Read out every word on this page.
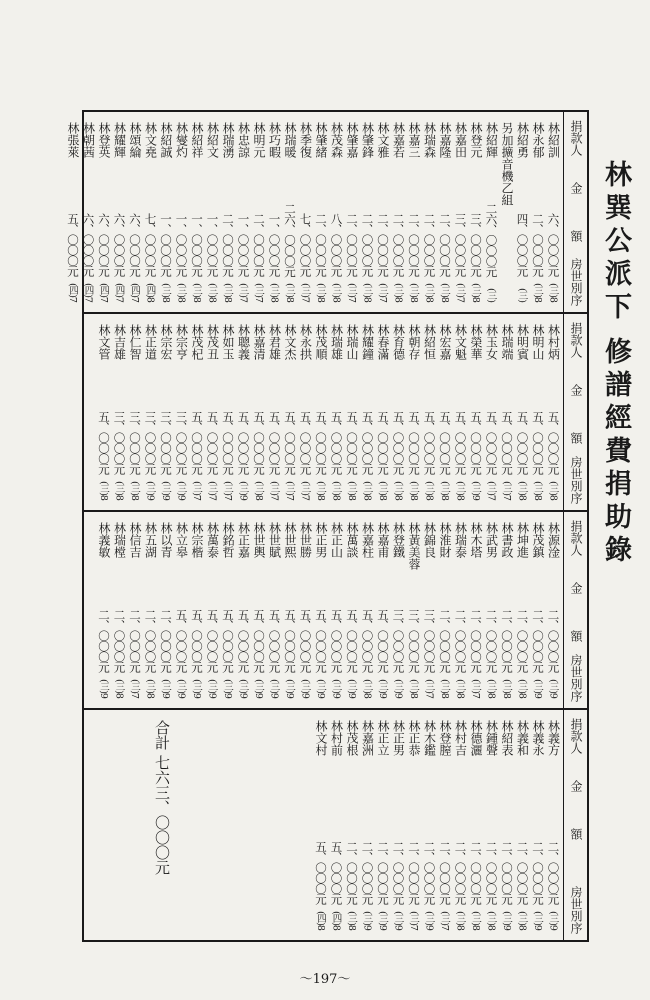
林巽公派下修譜經費捐助錄
捐款人
金
額
房世別序
林紹訓
六、〇〇〇元
(三)8
林永郁
二、〇〇〇元
(三)8
林紹勇
四、〇〇〇元
(三)
另加擴音機乙組
林紹輝
二六、〇〇〇元
(三)
林登元
三、〇〇〇元
(三)8
林嘉田
三、〇〇〇元
(三)7
林嘉隆
二、〇〇〇元
(三)8
林瑞森
二、〇〇〇元
(三)8
林嘉三
二、〇〇〇元
(三)8
林嘉若
二、〇〇〇元
(三)8
林文雅
二、〇〇〇元
(三)7
林肇鋒
二、〇〇〇元
(三)8
林肇嘉
二、〇〇〇元
(三)7
林茂森
八、〇〇〇元
(三)8
林肇緒
二、〇〇〇元
(三)8
林季復
七、〇〇〇元
(三)7
林瑞暖
二六、〇〇〇元
(三)8
林巧暇
一、〇〇〇元
(三)8
林明元
二、〇〇〇元
(三)7
林忠諒
一、〇〇〇元
(三)7
林瑞湧
二、〇〇〇元
(三)8
林紹文
一、〇〇〇元
(三)8
林紹祥
一、〇〇〇元
(三)8
林燮灼
一、〇〇〇元
(三)8
林紹誠
一、〇〇〇元
(三)8
林文堯
七、〇〇〇元
(四)8
林頌綸
六、〇〇〇元
(四)7
林耀輝
六、〇〇〇元
(四)7
林登英
六、〇〇〇元
(四)7
林朝茜
六、〇〇〇元
(四)7
林張萊
五、〇〇〇元
(四)7
捐款人
金
額
房世別序
林村炳
五、〇〇〇元
(三)8
林明山
五、〇〇〇元
(三)8
林明賓
五、〇〇〇元
(三)8
林瑞端
五、〇〇〇元
(三)7
林玉女
五、〇〇〇元
(三)7
林榮華
五、〇〇〇元
(三)9
林文魁
五、〇〇〇元
(三)8
林宏嘉
五、〇〇〇元
(三)8
林紹恒
五、〇〇〇元
(三)8
林朝存
五、〇〇〇元
(三)8
林育德
五、〇〇〇元
(三)8
林春滿
五、〇〇〇元
(三)8
林耀鐘
五、〇〇〇元
(三)8
林瑞山
五、〇〇〇元
(三)8
林瑞雄
五、〇〇〇元
(三)8
林茂順
五、〇〇〇元
(三)8
林永拱
五、〇〇〇元
(三)7
林文杰
五、〇〇〇元
(三)7
林君雄
五、〇〇〇元
(三)7
林嘉清
五、〇〇〇元
(三)8
林聰義
五、〇〇〇元
(三)9
林如玉
五、〇〇〇元
(三)7
林茂丑
五、〇〇〇元
(三)7
林茂杞
五、〇〇〇元
(三)7
林宗亨
三、〇〇〇元
(三)9
林宗宏
三、〇〇〇元
(三)9
林正道
三、〇〇〇元
(三)9
林仁智
三、〇〇〇元
(三)8
林吉雄
三、〇〇〇元
(三)8
林文管
五、〇〇〇元
(三)8
捐款人
金
額
房世別序
林源淦
二、〇〇〇元
(三)9
林茂鎮
二、〇〇〇元
(三)9
林坤進
二、〇〇〇元
(三)8
林書政
二、〇〇〇元
(三)8
林武男
二、〇〇〇元
(三)8
林木塔
二、〇〇〇元
(三)7
林瑞泰
二、〇〇〇元
(三)8
林淮財
二、〇〇〇元
(三)8
林錦良
三、〇〇〇元
(三)7
林黃美蓉
三、〇〇〇元
(三)8
林登鐵
三、〇〇〇元
(三)9
林嘉甫
五、〇〇〇元
(三)9
林嘉柱
五、〇〇〇元
(三)8
林萬談
五、〇〇〇元
(三)9
林正山
五、〇〇〇元
(三)9
林正男
五、〇〇〇元
(三)9
林世勝
五、〇〇〇元
(三)9
林世熙
五、〇〇〇元
(三)9
林世賦
五、〇〇〇元
(三)9
林世輿
五、〇〇〇元
(三)9
林正嘉
五、〇〇〇元
(三)9
林銘哲
五、〇〇〇元
(三)9
林萬泰
五、〇〇〇元
(三)9
林宗楷
五、〇〇〇元
(三)9
林立皋
五、〇〇〇元
(三)9
林以青
二、〇〇〇元
(三)9
林五湖
二、〇〇〇元
(三)8
林信吉
二、〇〇〇元
(三)7
林瑞樘
二、〇〇〇元
(三)8
林義敏
二、〇〇〇元
(三)9
合計 七六三、〇〇〇元
捐款人
金
額
房世別序
林義方
二、〇〇〇元
(三)9
林義永
二、〇〇〇元
(三)9
林義和
二、〇〇〇元
(三)8
林紹表
二、〇〇〇元
(三)9
林鍾聲
二、〇〇〇元
(三)8
林德灑
二、〇〇〇元
(三)8
林村吉
二、〇〇〇元
(三)8
林登膣
二、〇〇〇元
(三)7
林木鑑
二、〇〇〇元
(三)9
林正恭
二、〇〇〇元
(三)7
林正男
二、〇〇〇元
(三)9
林正立
二、〇〇〇元
(三)9
林嘉洲
二、〇〇〇元
(三)9
林茂根
二、〇〇〇元
(三)8
林村前
五、〇〇〇元
(四)8
林文村
五、〇〇〇元
(四)8
〜197〜
